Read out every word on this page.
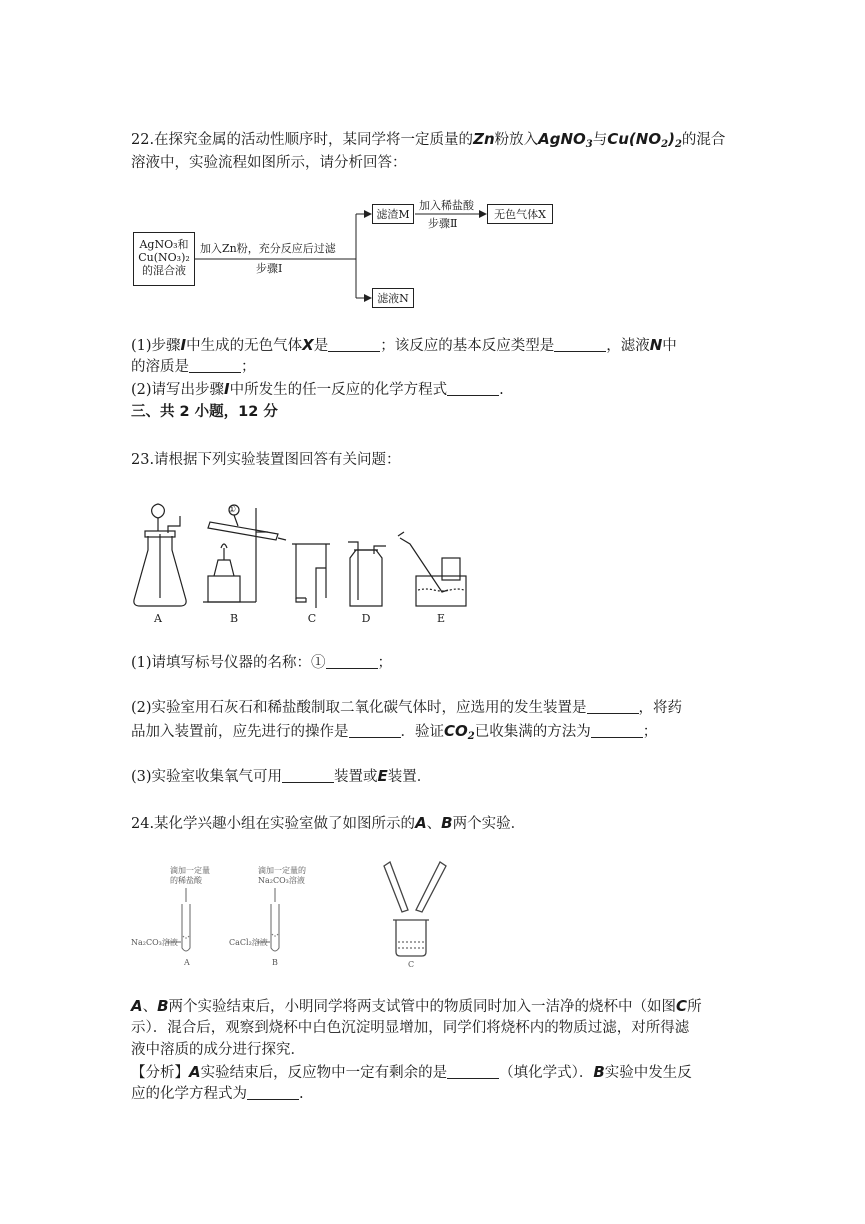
22.在探究金属的活动性顺序时，某同学将一定质量的Zn粉放入AgNO$_3$与$Cu(NO_2)_2$的混合

溶液中，实验流程如图所示，请分析回答：

AgNO₃和
Cu(NO₃)₂
的混合液
加入Zn粉，充分反应后过滤
步骤Ⅰ
滤渣M
加入稀盐酸
步骤Ⅱ
无色气体X
滤液N

(1)步骤I中生成的无色气体X是	；该反应的基本反应类型是	，滤液N中

的溶质是	；

(2)请写出步骤I中所发生的任一反应的化学方程式	.

三、共 2 小题，12 分

23.请根据下列实验装置图回答有关问题：

①
A	B	C	D	E

(1)请填写标号仪器的名称：①	；

(2)实验室用石灰石和稀盐酸制取二氧化碳气体时，应选用的发生装置是	，将药

品加入装置前，应先进行的操作是	．验证$CO_2$已收集满的方法为	；

(3)实验室收集氧气可用	装置或E装置．

24.某化学兴趣小组在实验室做了如图所示的A、B两个实验．

滴加一定量
的稀盐酸
Na₂CO₃溶液
滴加一定量的
Na₂CO₃溶液
CaCl₂溶液
A	B	C

A、B两个实验结束后，小明同学将两支试管中的物质同时加入一洁净的烧杯中（如图C所

示）．混合后，观察到烧杯中白色沉淀明显增加，同学们将烧杯内的物质过滤，对所得滤

液中溶质的成分进行探究．

【分析】A实验结束后，反应物中一定有剩余的是	（填化学式）．B实验中发生反

应的化学方程式为	.
